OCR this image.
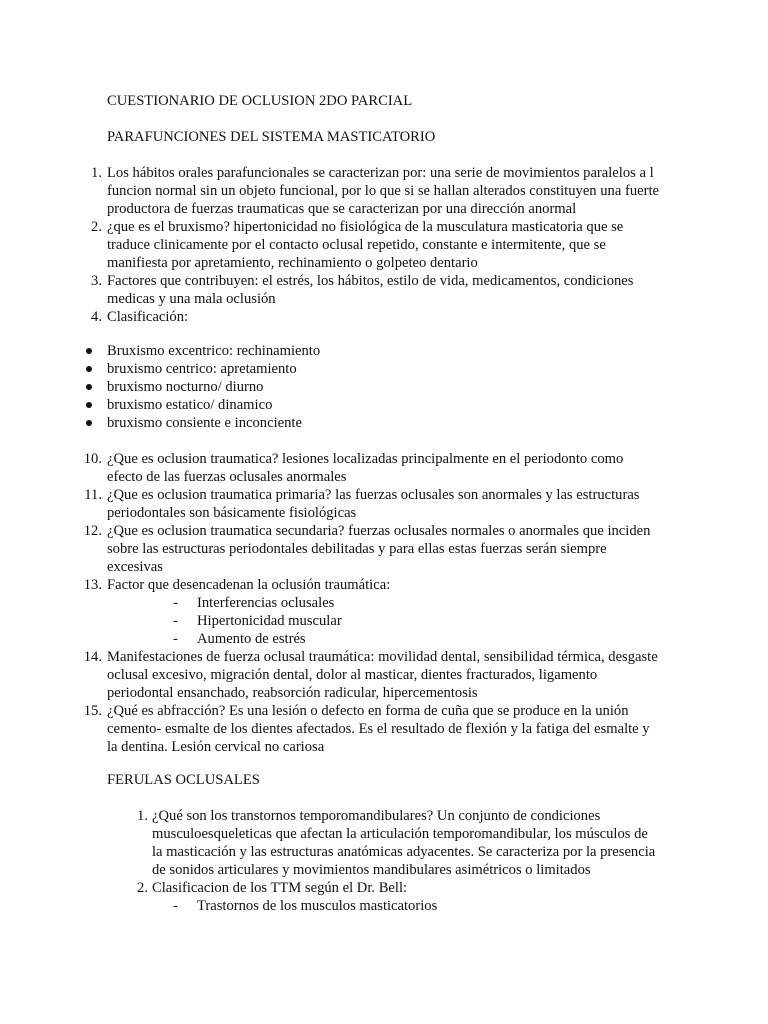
CUESTIONARIO DE OCLUSION 2DO PARCIAL
PARAFUNCIONES DEL SISTEMA MASTICATORIO
1. Los hábitos orales parafuncionales se caracterizan por: una serie de movimientos paralelos a l funcion normal sin un objeto funcional, por lo que si se hallan alterados constituyen una fuerte productora de fuerzas traumaticas que se caracterizan por una dirección anormal
2. ¿que es el bruxismo? hipertonicidad no fisiológica de la musculatura masticatoria que se traduce clinicamente por el contacto oclusal repetido, constante e intermitente, que se manifiesta por apretamiento, rechinamiento o golpeteo dentario
3. Factores que contribuyen: el estrés, los hábitos, estilo de vida, medicamentos, condiciones medicas y una mala oclusión
4. Clasificación:
Bruxismo excentrico: rechinamiento
bruxismo centrico: apretamiento
bruxismo nocturno/ diurno
bruxismo estatico/ dinamico
bruxismo consiente e inconciente
10. ¿Que es oclusion traumatica? lesiones localizadas principalmente en el periodonto como efecto de las fuerzas oclusales anormales
11. ¿Que es oclusion traumatica primaria? las fuerzas oclusales son anormales y las estructuras periodontales son básicamente fisiológicas
12. ¿Que es oclusion traumatica secundaria? fuerzas oclusales normales o anormales que inciden sobre las estructuras periodontales debilitadas y para ellas estas fuerzas serán siempre excesivas
13. Factor que desencadenan la oclusión traumática:
- Interferencias oclusales
- Hipertonicidad muscular
- Aumento de estrés
14. Manifestaciones de fuerza oclusal traumática: movilidad dental, sensibilidad térmica, desgaste oclusal excesivo, migración dental, dolor al masticar, dientes fracturados, ligamento periodontal ensanchado, reabsorción radicular, hipercementosis
15. ¿Qué es abfracción? Es una lesión o defecto en forma de cuña que se produce en la unión cemento- esmalte de los dientes afectados. Es el resultado de flexión y la fatiga del esmalte y la dentina. Lesión cervical no cariosa
FERULAS OCLUSALES
1. ¿Qué son los transtornos temporomandibulares? Un conjunto de condiciones musculoesqueleticas que afectan la articulación temporomandibular, los músculos de la masticación y las estructuras anatómicas adyacentes. Se caracteriza por la presencia de sonidos articulares y movimientos mandibulares asimétricos o limitados
2. Clasificacion de los TTM según el Dr. Bell:
- Trastornos de los musculos masticatorios
